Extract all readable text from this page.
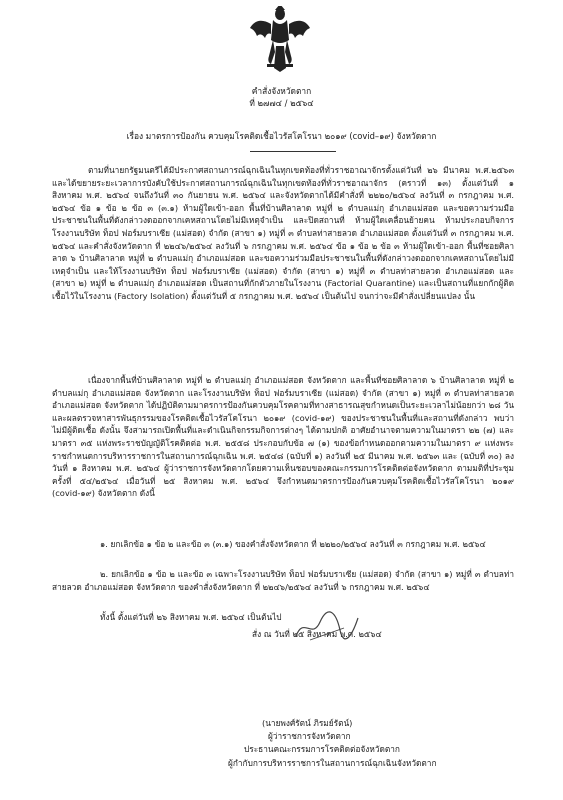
คำสั่งจังหวัดตาก
ที่ ๒๗๗๔ / ๒๕๖๔
เรื่อง มาตรการป้องกัน ควบคุมโรคติดเชื้อไวรัสโคโรนา ๒๐๑๙ (covid–๑๙) จังหวัดตาก

ตามที่นายกรัฐมนตรีได้มีประกาศสถานการณ์ฉุกเฉินในทุกเขตท้องที่ทั่วราชอาณาจักรตั้งแต่วันที่ ๒๖ มีนาคม พ.ศ.๒๕๖๓ และได้ขยายระยะเวลาการบังคับใช้ประกาศสถานการณ์ฉุกเฉินในทุกเขตท้องที่ทั่วราชอาณาจักร (คราวที่ ๑๓) ตั้งแต่วันที่ ๑ สิงหาคม พ.ศ. ๒๕๖๔ จนถึงวันที่ ๓๐ กันยายน พ.ศ. ๒๕๖๔ และจังหวัดตากได้มีคำสั่งที่ ๒๒๒๐/๒๕๖๔ ลงวันที่ ๓ กรกฎาคม พ.ศ. ๒๕๖๔ ข้อ ๑ ข้อ ๒ ข้อ ๓ (๓.๑) ห้ามผู้ใดเข้า-ออก พื้นที่บ้านศิลาลาด หมู่ที่ ๒ ตำบลแม่กุ อำเภอแม่สอด และขอความร่วมมือประชาชนในพื้นที่ดังกล่าวงดออกจากเคหสถานโดยไม่มีเหตุจำเป็น และปิดสถานที่ ห้ามผู้ใดเคลื่อนย้ายคน ห้ามประกอบกิจการโรงงานบริษัท ท็อป ฟอร์มบราเซีย (แม่สอด) จำกัด (สาขา ๑) หมู่ที่ ๓ ตำบลท่าสายลวด อำเภอแม่สอด ตั้งแต่วันที่ ๓ กรกฎาคม พ.ศ. ๒๕๖๔ และคำสั่งจังหวัดตาก ที่ ๒๒๔๖/๒๕๖๔ ลงวันที่ ๖ กรกฎาคม พ.ศ. ๒๕๖๔ ข้อ ๑ ข้อ ๒ ข้อ ๓ ห้ามผู้ใดเข้า-ออก พื้นที่ซอยศิลาลาด ๖ บ้านศิลาลาด หมู่ที่ ๒ ตำบลแม่กุ อำเภอแม่สอด และขอความร่วมมือประชาชนในพื้นที่ดังกล่าวงดออกจากเคหสถานโดยไม่มีเหตุจำเป็น และให้โรงงานบริษัท ท็อป ฟอร์มบราเซีย (แม่สอด) จำกัด (สาขา ๑) หมู่ที่ ๓ ตำบลท่าสายลวด อำเภอแม่สอด และ (สาขา ๒) หมู่ที่ ๒ ตำบลแม่กุ อำเภอแม่สอด เป็นสถานที่กักตัวภายในโรงงาน (Factorial Quarantine) และเป็นสถานที่แยกกักผู้ติดเชื้อไว้ในโรงงาน (Factory Isolation) ตั้งแต่วันที่ ๕ กรกฎาคม พ.ศ. ๒๕๖๔ เป็นต้นไป จนกว่าจะมีคำสั่งเปลี่ยนแปลง นั้น

เนื่องจากพื้นที่บ้านศิลาลาด หมู่ที่ ๒ ตำบลแม่กุ อำเภอแม่สอด จังหวัดตาก และพื้นที่ซอยศิลาลาด ๖ บ้านศิลาลาด หมู่ที่ ๒ ตำบลแม่กุ อำเภอแม่สอด จังหวัดตาก และโรงงานบริษัท ท็อป ฟอร์มบราเซีย (แม่สอด) จำกัด (สาขา ๑) หมู่ที่ ๓ ตำบลท่าสายลวด อำเภอแม่สอด จังหวัดตาก ได้ปฏิบัติตามมาตรการป้องกันควบคุมโรคตามที่ทางสาธารณสุขกำหนดเป็นระยะเวลาไม่น้อยกว่า ๒๘ วัน และผลตรวจหาสารพันธุกรรมของโรคติดเชื้อไวรัสโคโรนา ๒๐๑๙ (covid-๑๙) ของประชาชนในพื้นที่และสถานที่ดังกล่าว พบว่าไม่มีผู้ติดเชื้อ ดังนั้น จึงสามารถเปิดพื้นที่และดำเนินกิจกรรมกิจการต่างๆ ได้ตามปกติ อาศัยอำนาจตามความในมาตรา ๒๒ (๗) และมาตรา ๓๕ แห่งพระราชบัญญัติโรคติดต่อ พ.ศ. ๒๕๕๘ ประกอบกับข้อ ๗ (๑) ของข้อกำหนดออกตามความในมาตรา ๙ แห่งพระราชกำหนดการบริหารราชการในสถานการณ์ฉุกเฉิน พ.ศ. ๒๕๔๘ (ฉบับที่ ๑) ลงวันที่ ๒๕ มีนาคม พ.ศ. ๒๕๖๓ และ (ฉบับที่ ๓๐) ลงวันที่ ๑ สิงหาคม พ.ศ. ๒๕๖๔ ผู้ว่าราชการจังหวัดตากโดยความเห็นชอบของคณะกรรมการโรคติดต่อจังหวัดตาก ตามมติที่ประชุมครั้งที่ ๕๔/๒๕๖๔ เมื่อวันที่ ๒๕ สิงหาคม พ.ศ. ๒๕๖๔ จึงกำหนดมาตรการป้องกันควบคุมโรคติดเชื้อไวรัสโคโรนา ๒๐๑๙ (covid-๑๙) จังหวัดตาก ดังนี้

๑. ยกเลิกข้อ ๑ ข้อ ๒ และข้อ ๓ (๓.๑) ของคำสั่งจังหวัดตาก ที่ ๒๒๒๐/๒๕๖๔ ลงวันที่ ๓ กรกฎาคม พ.ศ. ๒๕๖๔

๒. ยกเลิกข้อ ๑ ข้อ ๒ และข้อ ๓ เฉพาะโรงงานบริษัท ท็อป ฟอร์มบราเซีย (แม่สอด) จำกัด (สาขา ๑) หมู่ที่ ๓ ตำบลท่าสายลวด อำเภอแม่สอด จังหวัดตาก ของคำสั่งจังหวัดตาก ที่ ๒๒๔๖/๒๕๖๔ ลงวันที่ ๖ กรกฎาคม พ.ศ. ๒๕๖๔

ทั้งนี้ ตั้งแต่วันที่ ๒๖ สิงหาคม พ.ศ. ๒๕๖๔ เป็นต้นไป

สั่ง ณ วันที่ ๒๕ สิงหาคม พ.ศ. ๒๕๖๔
(นายพงศ์รัตน์ ภิรมย์รัตน์)
ผู้ว่าราชการจังหวัดตาก
ประธานคณะกรรมการโรคติดต่อจังหวัดตาก
ผู้กำกับการบริหารราชการในสถานการณ์ฉุกเฉินจังหวัดตาก
